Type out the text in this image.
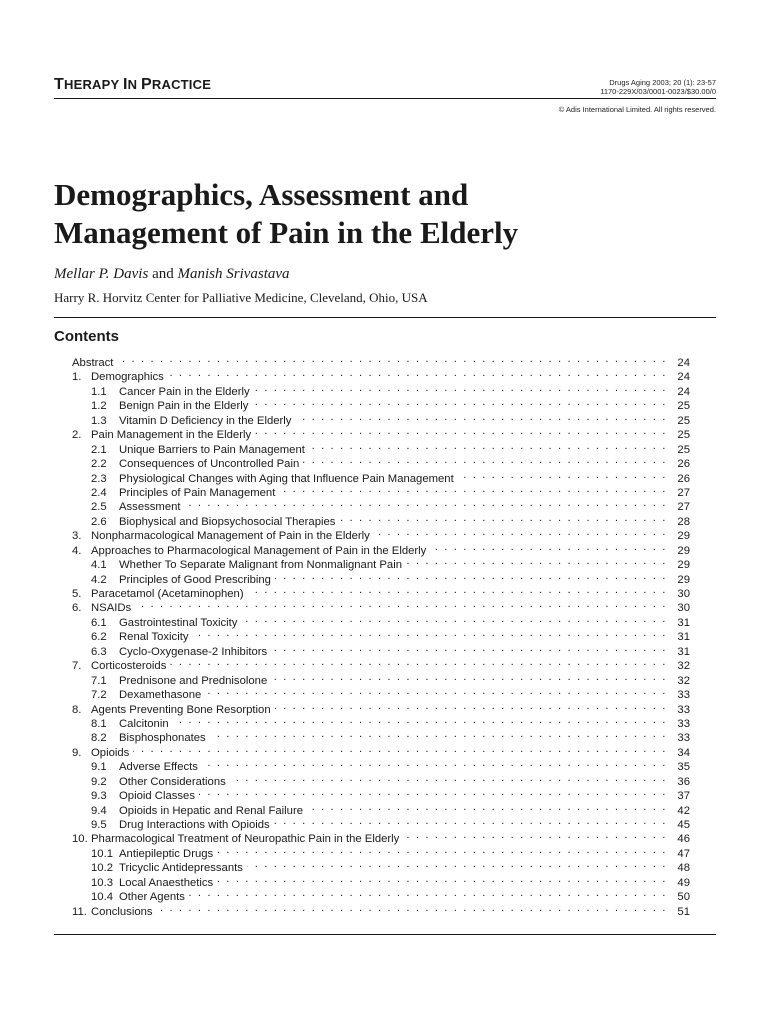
THERAPY IN PRACTICE	Drugs Aging 2003; 20 (1): 23-57
1170-229X/03/0001-0023/$30.00/0
© Adis International Limited. All rights reserved.
Demographics, Assessment and
Management of Pain in the Elderly
Mellar P. Davis and Manish Srivastava
Harry R. Horvitz Center for Palliative Medicine, Cleveland, Ohio, USA
Contents
Abstract . . .	24
1. Demographics . . .	24
1.1	Cancer Pain in the Elderly . . .	24
1.2	Benign Pain in the Elderly . . .	25
1.3	Vitamin D Deficiency in the Elderly . . .	25
2. Pain Management in the Elderly . . .	25
2.1	Unique Barriers to Pain Management . . .	25
2.2	Consequences of Uncontrolled Pain . . .	26
2.3	Physiological Changes with Aging that Influence Pain Management . . .	26
2.4	Principles of Pain Management . . .	27
2.5	Assessment . . .	27
2.6	Biophysical and Biopsychosocial Therapies . . .	28
3. Nonpharmacological Management of Pain in the Elderly . . .	29
4. Approaches to Pharmacological Management of Pain in the Elderly . . .	29
4.1	Whether To Separate Malignant from Nonmalignant Pain . . .	29
4.2	Principles of Good Prescribing . . .	29
5. Paracetamol (Acetaminophen) . . .	30
6. NSAIDs . . .	30
6.1	Gastrointestinal Toxicity . . .	31
6.2	Renal Toxicity . . .	31
6.3	Cyclo-Oxygenase-2 Inhibitors . . .	31
7. Corticosteroids . . .	32
7.1	Prednisone and Prednisolone . . .	32
7.2	Dexamethasone . . .	33
8. Agents Preventing Bone Resorption . . .	33
8.1	Calcitonin . . .	33
8.2	Bisphosphonates . . .	33
9. Opioids . . .	34
9.1	Adverse Effects . . .	35
9.2	Other Considerations . . .	36
9.3	Opioid Classes . . .	37
9.4	Opioids in Hepatic and Renal Failure . . .	42
9.5	Drug Interactions with Opioids . . .	45
10. Pharmacological Treatment of Neuropathic Pain in the Elderly . . .	46
10.1 Antiepileptic Drugs . . .	47
10.2 Tricyclic Antidepressants . . .	48
10.3 Local Anaesthetics . . .	49
10.4 Other Agents . . .	50
11. Conclusions . . .	51
